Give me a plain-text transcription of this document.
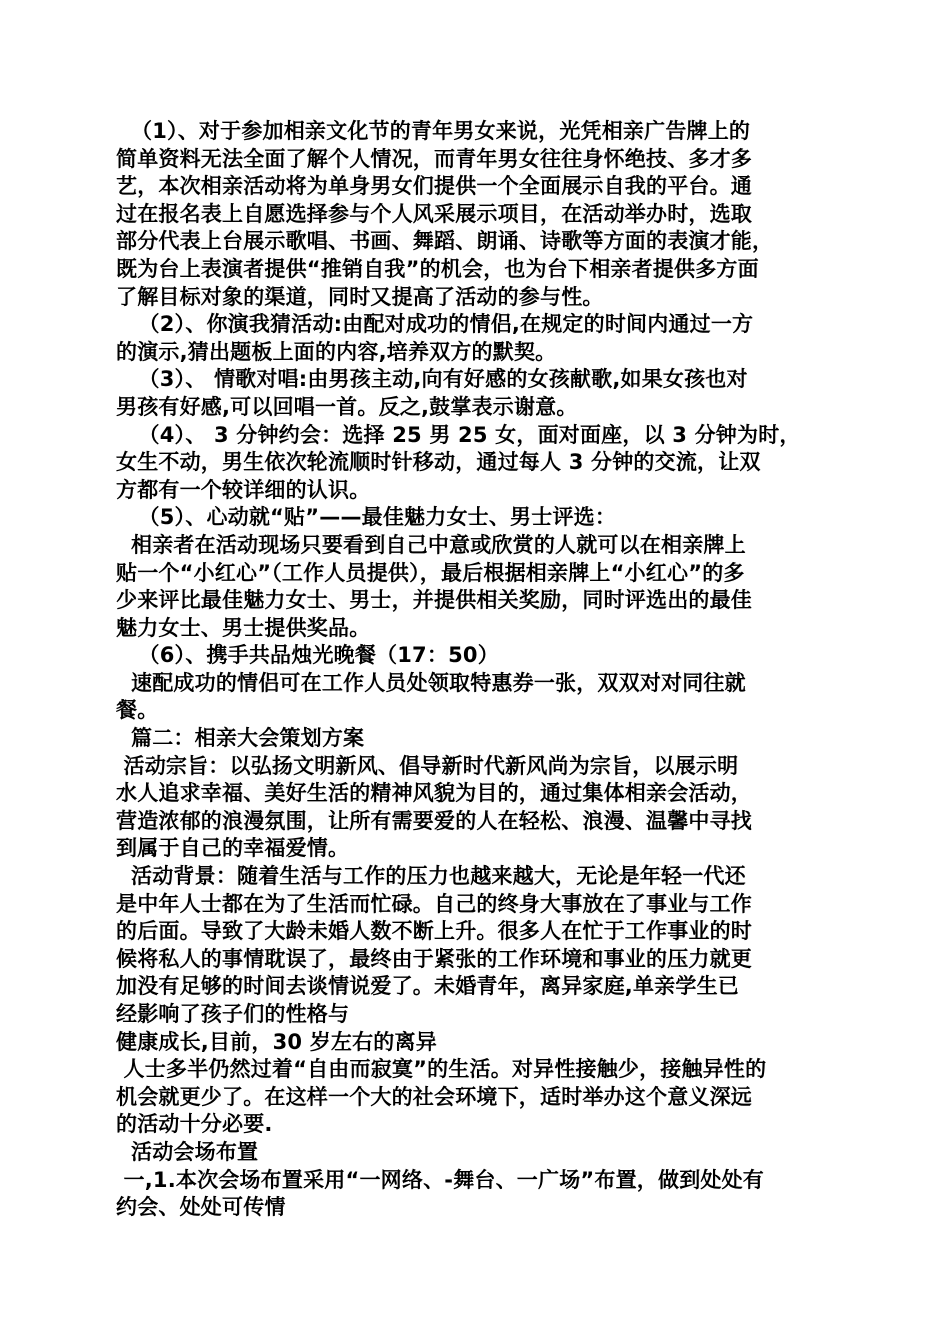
（1）、对于参加相亲文化节的青年男女来说，光凭相亲广告牌上的
简单资料无法全面了解个人情况，而青年男女往往身怀绝技、多才多
艺，本次相亲活动将为单身男女们提供一个全面展示自我的平台。通
过在报名表上自愿选择参与个人风采展示项目，在活动举办时，选取
部分代表上台展示歌唱、书画、舞蹈、朗诵、诗歌等方面的表演才能，
既为台上表演者提供“推销自我”的机会，也为台下相亲者提供多方面
了解目标对象的渠道，同时又提高了活动的参与性。
（2）、你演我猜活动:由配对成功的情侣,在规定的时间内通过一方
的演示,猜出题板上面的内容,培养双方的默契。
（3）、 情歌对唱:由男孩主动,向有好感的女孩献歌,如果女孩也对
男孩有好感,可以回唱一首。反之,鼓掌表示谢意。
（4）、 3 分钟约会：选择 25 男 25 女，面对面座，以 3 分钟为时，
女生不动，男生依次轮流顺时针移动，通过每人 3 分钟的交流，让双
方都有一个较详细的认识。
（5）、心动就“贴”——最佳魅力女士、男士评选：
相亲者在活动现场只要看到自己中意或欣赏的人就可以在相亲牌上
贴一个“小红心”（工作人员提供），最后根据相亲牌上“小红心”的多
少来评比最佳魅力女士、男士，并提供相关奖励，同时评选出的最佳
魅力女士、男士提供奖品。
（6）、携手共品烛光晚餐（17：50）
速配成功的情侣可在工作人员处领取特惠券一张，双双对对同往就
餐。
篇二：相亲大会策划方案
活动宗旨：以弘扬文明新风、倡导新时代新风尚为宗旨，以展示明
水人追求幸福、美好生活的精神风貌为目的，通过集体相亲会活动，
营造浓郁的浪漫氛围，让所有需要爱的人在轻松、浪漫、温馨中寻找
到属于自己的幸福爱情。
活动背景：随着生活与工作的压力也越来越大，无论是年轻一代还
是中年人士都在为了生活而忙碌。自己的终身大事放在了事业与工作
的后面。导致了大龄未婚人数不断上升。很多人在忙于工作事业的时
候将私人的事情耽误了，最终由于紧张的工作环境和事业的压力就更
加没有足够的时间去谈情说爱了。未婚青年，离异家庭,单亲学生已
经影响了孩子们的性格与
健康成长,目前，30 岁左右的离异
人士多半仍然过着“自由而寂寞”的生活。对异性接触少，接触异性的
机会就更少了。在这样一个大的社会环境下，适时举办这个意义深远
的活动十分必要.
活动会场布置
一,1.本次会场布置采用“一网络、-舞台、一广场”布置，做到处处有
约会、处处可传情
